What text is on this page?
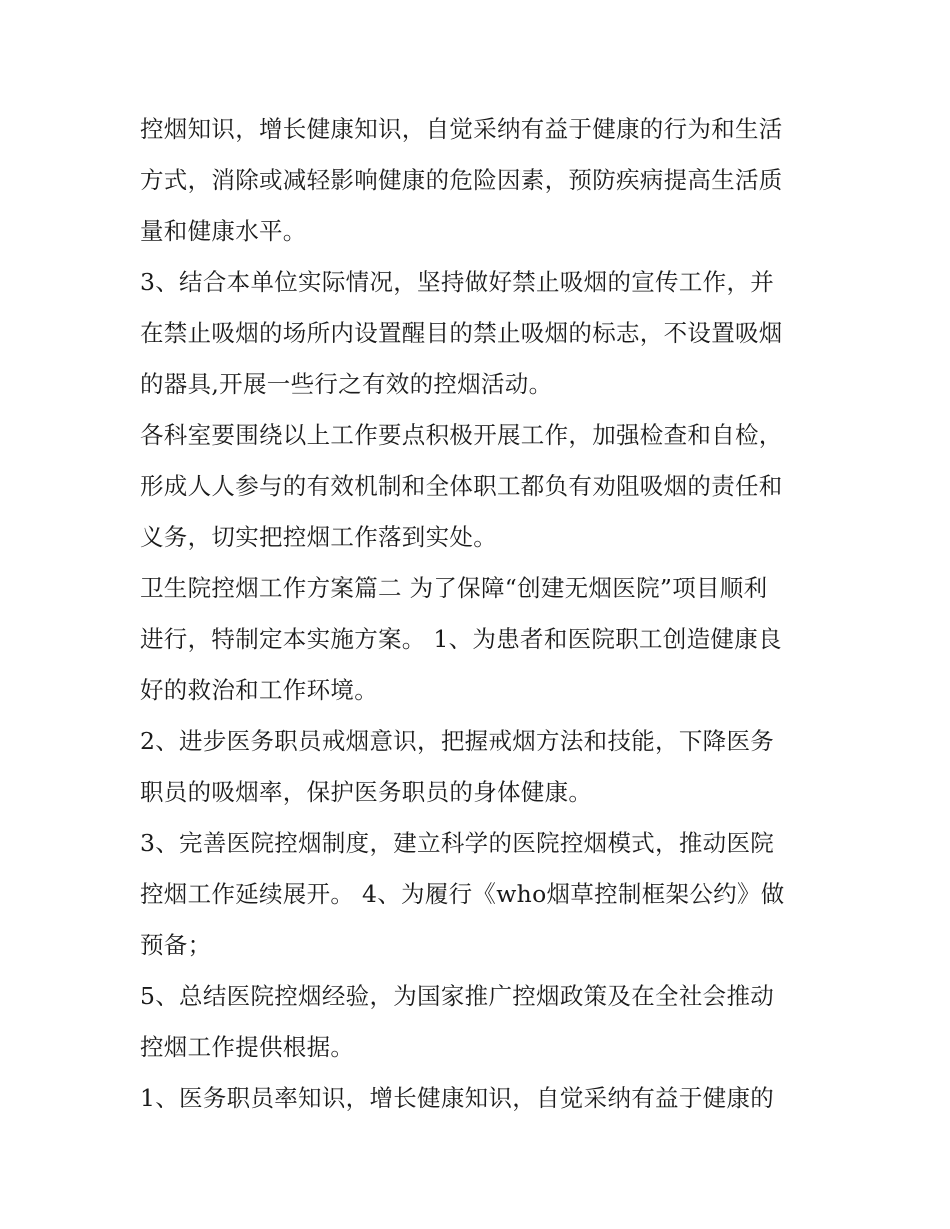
控烟知识，增长健康知识，自觉采纳有益于健康的行为和生活
方式，消除或减轻影响健康的危险因素，预防疾病提高生活质
量和健康水平。

3、结合本单位实际情况，坚持做好禁止吸烟的宣传工作，并
在禁止吸烟的场所内设置醒目的禁止吸烟的标志，不设置吸烟
的器具,开展一些行之有效的控烟活动。

各科室要围绕以上工作要点积极开展工作，加强检查和自检，
形成人人参与的有效机制和全体职工都负有劝阻吸烟的责任和
义务，切实把控烟工作落到实处。

卫生院控烟工作方案篇二 为了保障“创建无烟医院”项目顺利
进行，特制定本实施方案。 1、为患者和医院职工创造健康良
好的救治和工作环境。

2、进步医务职员戒烟意识，把握戒烟方法和技能，下降医务
职员的吸烟率，保护医务职员的身体健康。

3、完善医院控烟制度，建立科学的医院控烟模式，推动医院
控烟工作延续展开。 4、为履行《who烟草控制框架公约》做
预备；

5、总结医院控烟经验，为国家推广控烟政策及在全社会推动
控烟工作提供根据。

1、医务职员率知识，增长健康知识，自觉采纳有益于健康的
